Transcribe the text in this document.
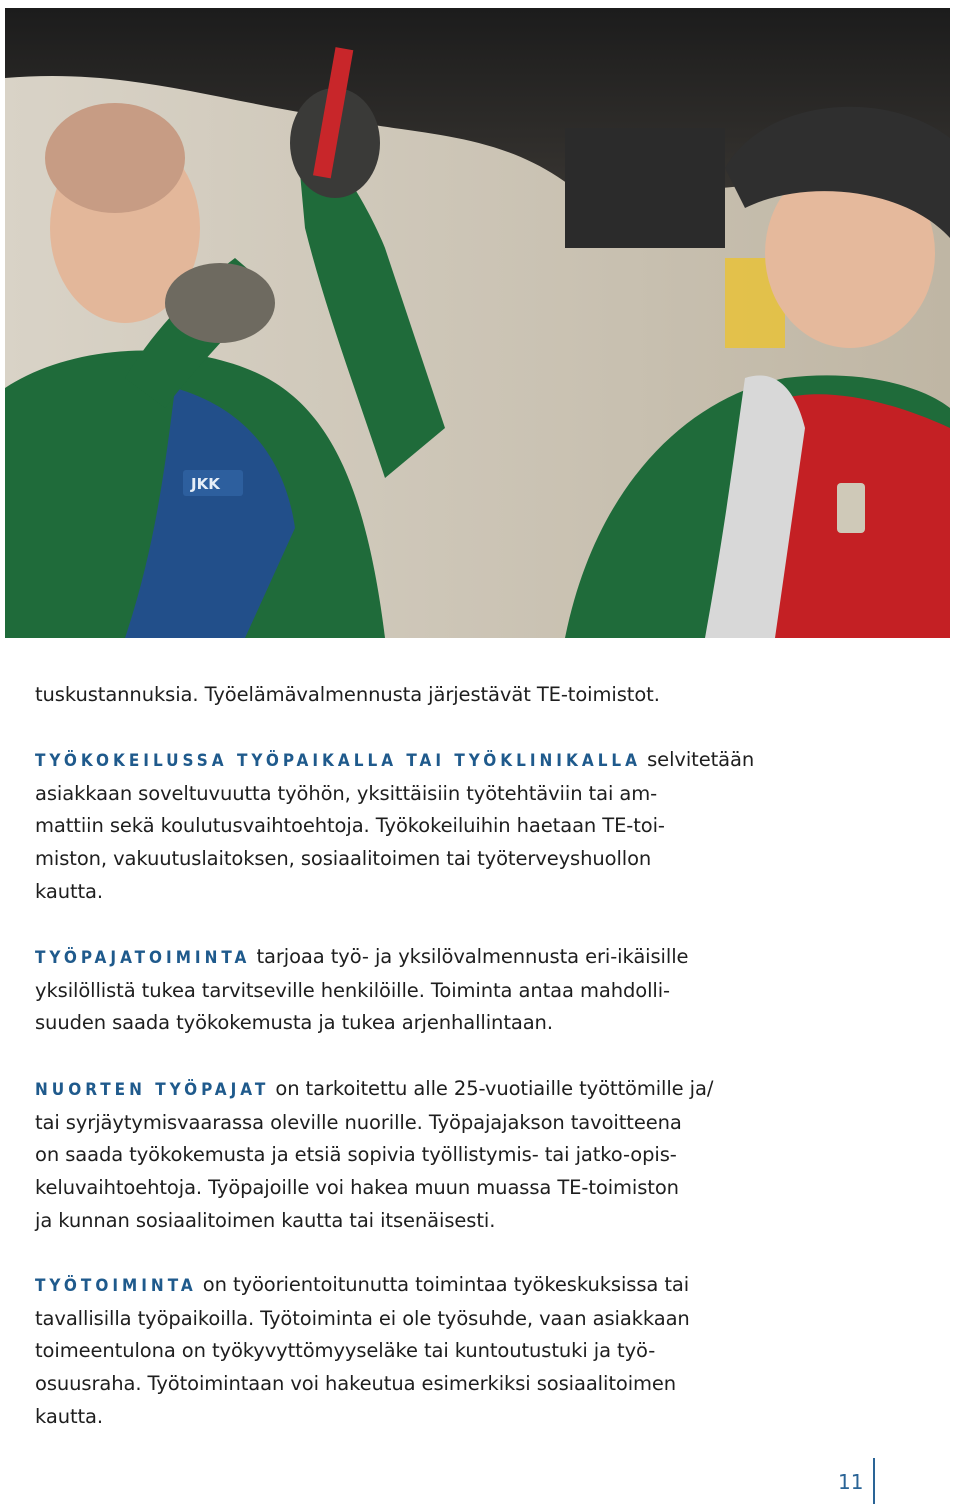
JKK

tuskustannuksia. Työelämävalmennusta järjestävät TE-toimistot.

TYÖKOKEILUSSA TYÖPAIKALLA TAI TYÖKLINIKALLA selvitetään

asiakkaan soveltuvuutta työhön, yksittäisiin työtehtäviin tai am-

mattiin sekä koulutusvaihtoehtoja. Työkokeiluihin haetaan TE-toi-

miston, vakuutuslaitoksen, sosiaalitoimen tai työterveyshuollon

kautta.

TYÖPAJATOIMINTA tarjoaa työ- ja yksilövalmennusta eri-ikäisille

yksilöllistä tukea tarvitseville henkilöille. Toiminta antaa mahdolli-

suuden saada työkokemusta ja tukea arjenhallintaan.

NUORTEN TYÖPAJAT on tarkoitettu alle 25-vuotiaille työttömille ja/

tai syrjäytymisvaarassa oleville nuorille. Työpajajakson tavoitteena

on saada työkokemusta ja etsiä sopivia työllistymis- tai jatko-opis-

keluvaihtoehtoja. Työpajoille voi hakea muun muassa TE-toimiston

ja kunnan sosiaalitoimen kautta tai itsenäisesti.

TYÖTOIMINTA on työorientoitunutta toimintaa työkeskuksissa tai

tavallisilla työpaikoilla. Työtoiminta ei ole työsuhde, vaan asiakkaan

toimeentulona on työkyvyttömyyseläke tai kuntoutustuki ja työ-

osuusraha. Työtoimintaan voi hakeutua esimerkiksi sosiaalitoimen

kautta.

11
